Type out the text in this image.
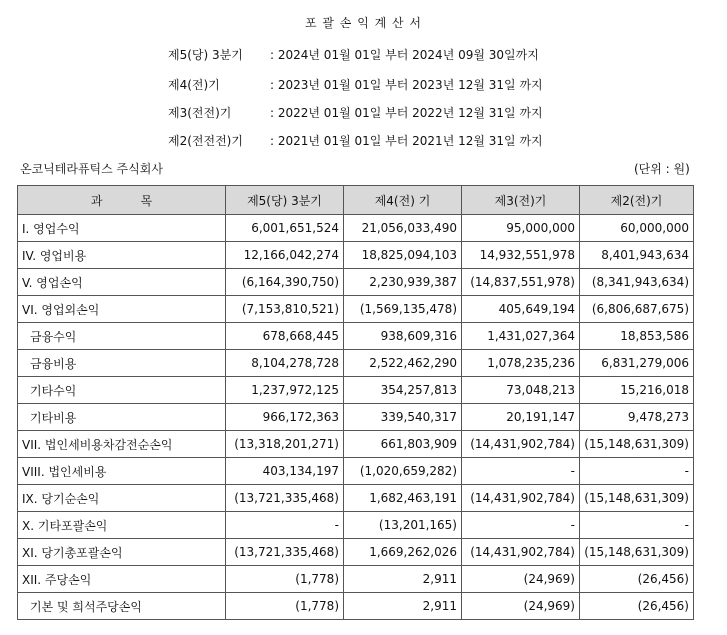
포 괄 손 익 계 산 서
제5(당) 3분기	: 2024년 01월 01일 부터 2024년 09월 30일까지
제4(전)기	: 2023년 01월 01일 부터 2023년 12월 31일 까지
제3(전전)기	: 2022년 01월 01일 부터 2022년 12월 31일 까지
제2(전전전)기	: 2021년 01월 01일 부터 2021년 12월 31일 까지
온코닉테라퓨틱스 주식회사	(단위 : 원)
과          목	제5(당) 3분기	제4(전) 기	제3(전)기	제2(전)기
I. 영업수익	6,001,651,524	21,056,033,490	95,000,000	60,000,000
IV. 영업비용	12,166,042,274	18,825,094,103	14,932,551,978	8,401,943,634
V. 영업손익	(6,164,390,750)	2,230,939,387	(14,837,551,978)	(8,341,943,634)
VI. 영업외손익	(7,153,810,521)	(1,569,135,478)	405,649,194	(6,806,687,675)
금융수익	678,668,445	938,609,316	1,431,027,364	18,853,586
금융비용	8,104,278,728	2,522,462,290	1,078,235,236	6,831,279,006
기타수익	1,237,972,125	354,257,813	73,048,213	15,216,018
기타비용	966,172,363	339,540,317	20,191,147	9,478,273
VII. 법인세비용차감전순손익	(13,318,201,271)	661,803,909	(14,431,902,784)	(15,148,631,309)
VIII. 법인세비용	403,134,197	(1,020,659,282)	-	-
IX. 당기순손익	(13,721,335,468)	1,682,463,191	(14,431,902,784)	(15,148,631,309)
X. 기타포괄손익	-	(13,201,165)	-	-
XI. 당기총포괄손익	(13,721,335,468)	1,669,262,026	(14,431,902,784)	(15,148,631,309)
XII. 주당손익	(1,778)	2,911	(24,969)	(26,456)
기본 및 희석주당손익	(1,778)	2,911	(24,969)	(26,456)
